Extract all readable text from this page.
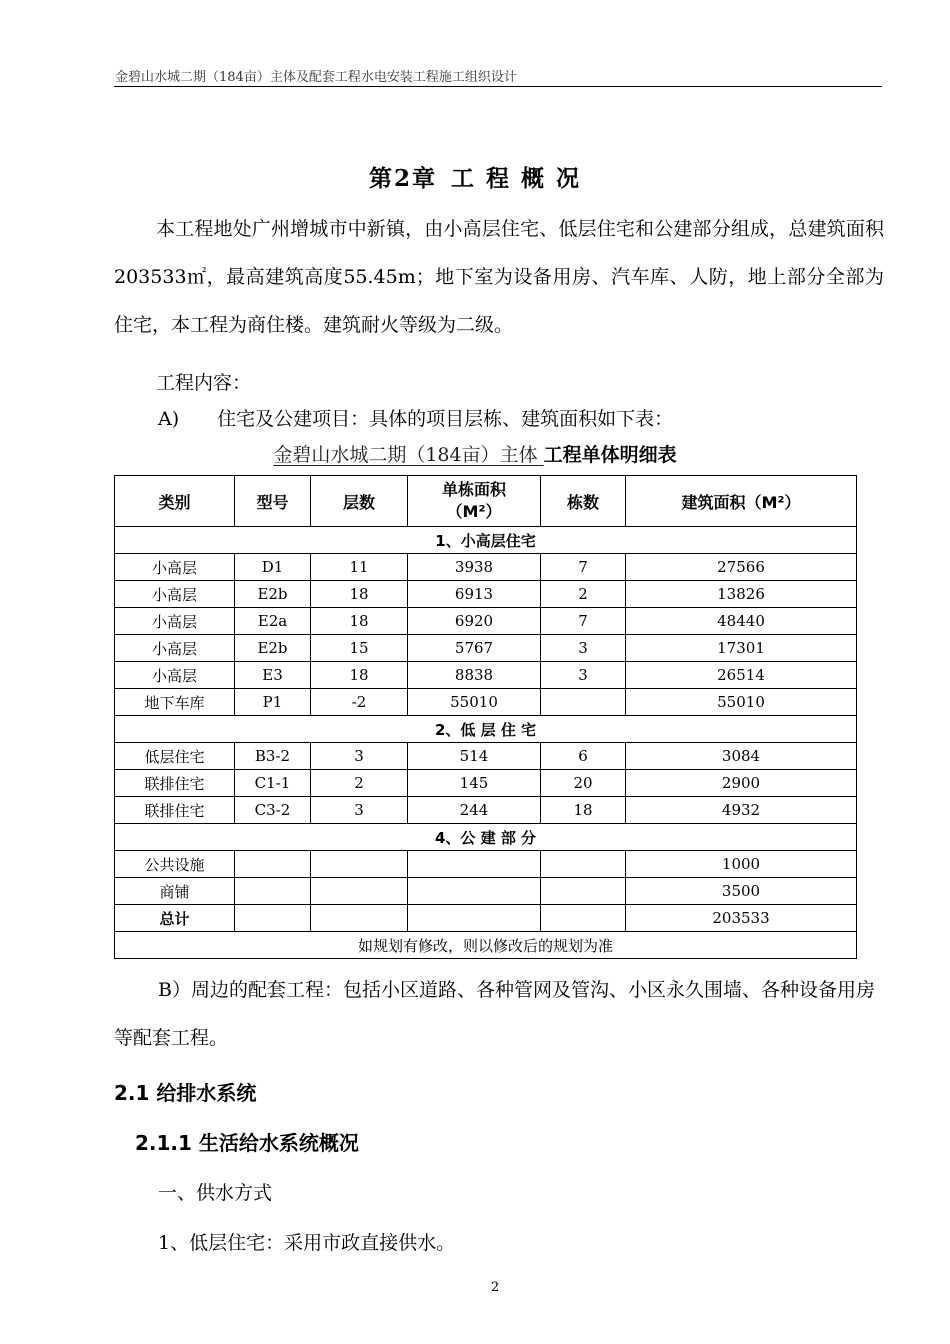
金碧山水城二期（184亩）主体及配套工程水电安装工程施工组织设计
第2章 工 程 概 况
本工程地处广州增城市中新镇，由小高层住宅、低层住宅和公建部分组成，总建筑面积203533㎡，最高建筑高度55.45m；地下室为设备用房、汽车库、人防，地上部分全部为住宅，本工程为商住楼。建筑耐火等级为二级。
工程内容：
A) 住宅及公建项目：具体的项目层栋、建筑面积如下表：
金碧山水城二期（184亩）主体 工程单体明细表
类别	型号	层数	单栋面积（M²）	栋数	建筑面积（M²）
1、小高层住宅					
小高层	D1	11	3938	7	27566
小高层	E2b	18	6913	2	13826
小高层	E2a	18	6920	7	48440
小高层	E2b	15	5767	3	17301
小高层	E3	18	8838	3	26514
地下车库	P1	-2	55010		55010
2、低 层 住 宅					
低层住宅	B3-2	3	514	6	3084
联排住宅	C1-1	2	145	20	2900
联排住宅	C3-2	3	244	18	4932
4、公 建 部 分					
公共设施					1000
商铺					3500
总计					203533
如规划有修改，则以修改后的规划为准					
B）周边的配套工程：包括小区道路、各种管网及管沟、小区永久围墙、各种设备用房等配套工程。
2.1 给排水系统
2.1.1 生活给水系统概况
一、供水方式
1、低层住宅：采用市政直接供水。
2
